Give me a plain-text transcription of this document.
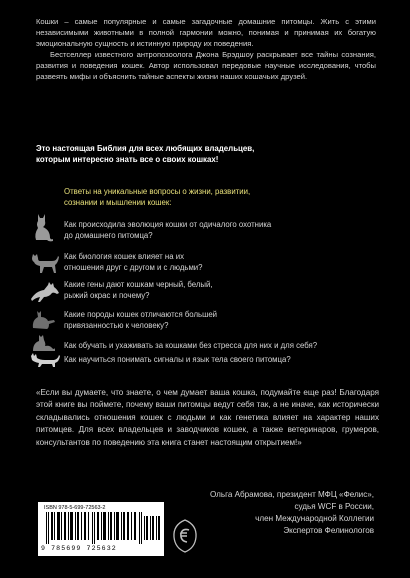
Кошки – самые популярные и самые загадочные домашние питомцы. Жить с этими независимыми животными в полной гармонии можно, понимая и принимая их богатую эмоциональную сущность и истинную природу их поведения.

Бестселлер известного антропозоолога Джона Брэдшоу раскрывает все тайны сознания, развития и поведения кошек. Автор использовал передовые научные исследования, чтобы развеять мифы и объяснить тайные аспекты жизни наших кошачьих друзей.

Это настоящая Библия для всех любящих владельцев,
которым интересно знать все о своих кошках!
Ответы на уникальные вопросы о жизни, развитии,
сознании и мышлении кошек:
Как происходила эволюция кошки от одичалого охотника
до домашнего питомца?
Как биология кошек влияет на их
отношения друг с другом и с людьми?
Какие гены дают кошкам черный, белый,
рыжий окрас и почему?
Какие породы кошек отличаются большей
привязанностью к человеку?
Как обучать и ухаживать за кошками без стресса для них и для себя?
Как научиться понимать сигналы и язык тела своего питомца?
«Если вы думаете, что знаете, о чем думает ваша кошка, подумайте еще раз! Благодаря этой книге вы поймете, почему ваши питомцы ведут себя так, а не иначе, как исторически складывались отношения кошек с людьми и как генетика влияет на характер наших питомцев. Для всех владельцев и заводчиков кошек, а также ветеринаров, грумеров, консультантов по поведению эта книга станет настоящим открытием!»
ISBN 978-5-699-72563-2
9 785699 725632
Ольга Абрамова, президент МФЦ «Фелис»,
судья WCF в России,
член Международной Коллегии
Экспертов Фелинологов
